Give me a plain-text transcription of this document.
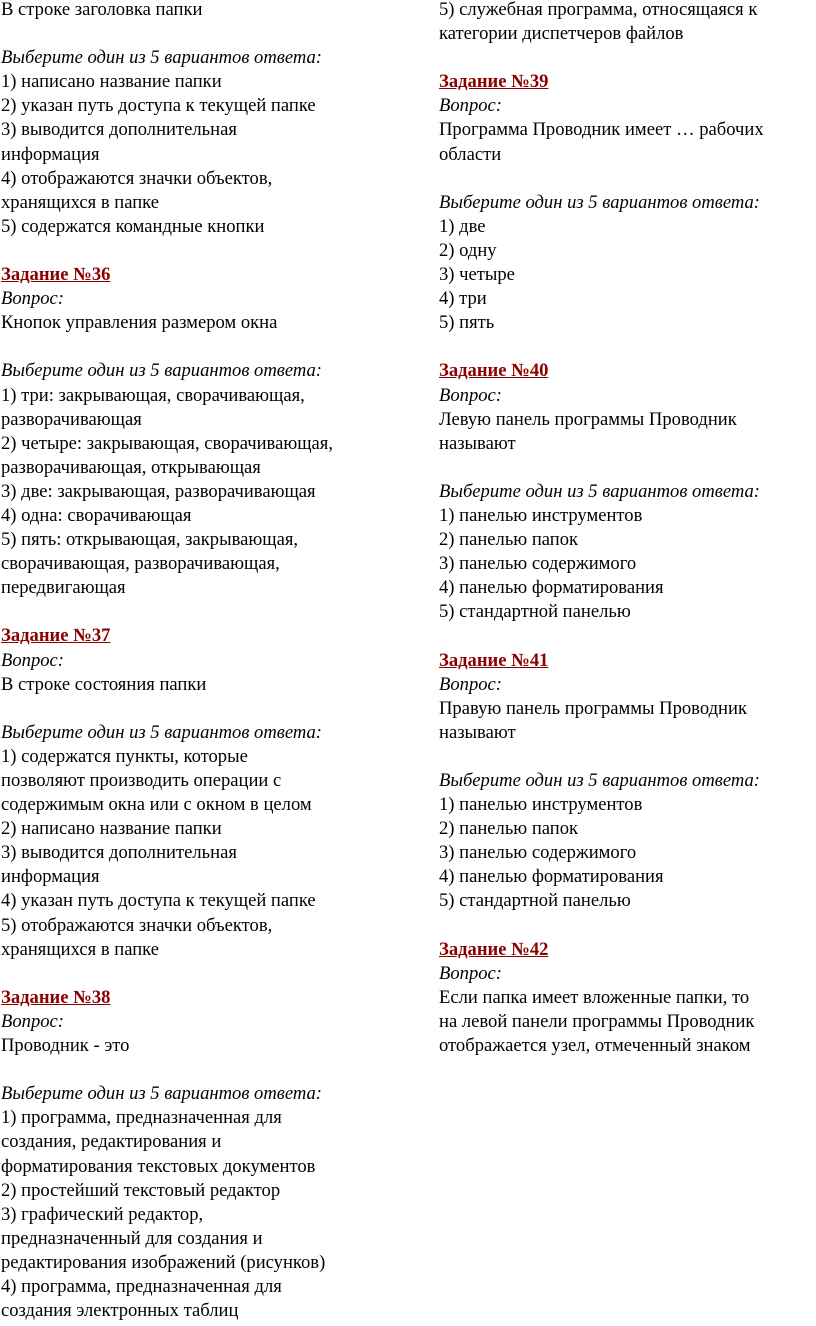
В строке заголовка папки
Выберите один из 5 вариантов ответа:
1) написано название папки
2) указан путь доступа к текущей папке
3) выводится дополнительная
информация
4) отображаются значки объектов,
хранящихся в папке
5) содержатся командные кнопки
Задание №36
Вопрос:
Кнопок управления размером окна
Выберите один из 5 вариантов ответа:
1) три: закрывающая, сворачивающая,
разворачивающая
2) четыре: закрывающая, сворачивающая,
разворачивающая, открывающая
3) две: закрывающая, разворачивающая
4) одна: сворачивающая
5) пять: открывающая, закрывающая,
сворачивающая, разворачивающая,
передвигающая
Задание №37
Вопрос:
В строке состояния папки
Выберите один из 5 вариантов ответа:
1) содержатся пункты, которые
позволяют производить операции с
содержимым окна или с окном в целом
2) написано название папки
3) выводится дополнительная
информация
4) указан путь доступа к текущей папке
5) отображаются значки объектов,
хранящихся в папке
Задание №38
Вопрос:
Проводник - это
Выберите один из 5 вариантов ответа:
1) программа, предназначенная для
создания, редактирования и
форматирования текстовых документов
2) простейший текстовый редактор
3) графический редактор,
предназначенный для создания и
редактирования изображений (рисунков)
4) программа, предназначенная для
создания электронных таблиц
5) служебная программа, относящаяся к
категории диспетчеров файлов
Задание №39
Вопрос:
Программа Проводник имеет … рабочих
области
Выберите один из 5 вариантов ответа:
1) две
2) одну
3) четыре
4) три
5) пять
Задание №40
Вопрос:
Левую панель программы Проводник
называют
Выберите один из 5 вариантов ответа:
1) панелью инструментов
2) панелью папок
3) панелью содержимого
4) панелью форматирования
5) стандартной панелью
Задание №41
Вопрос:
Правую панель программы Проводник
называют
Выберите один из 5 вариантов ответа:
1) панелью инструментов
2) панелью папок
3) панелью содержимого
4) панелью форматирования
5) стандартной панелью
Задание №42
Вопрос:
Если папка имеет вложенные папки, то
на левой панели программы Проводник
отображается узел, отмеченный знаком
